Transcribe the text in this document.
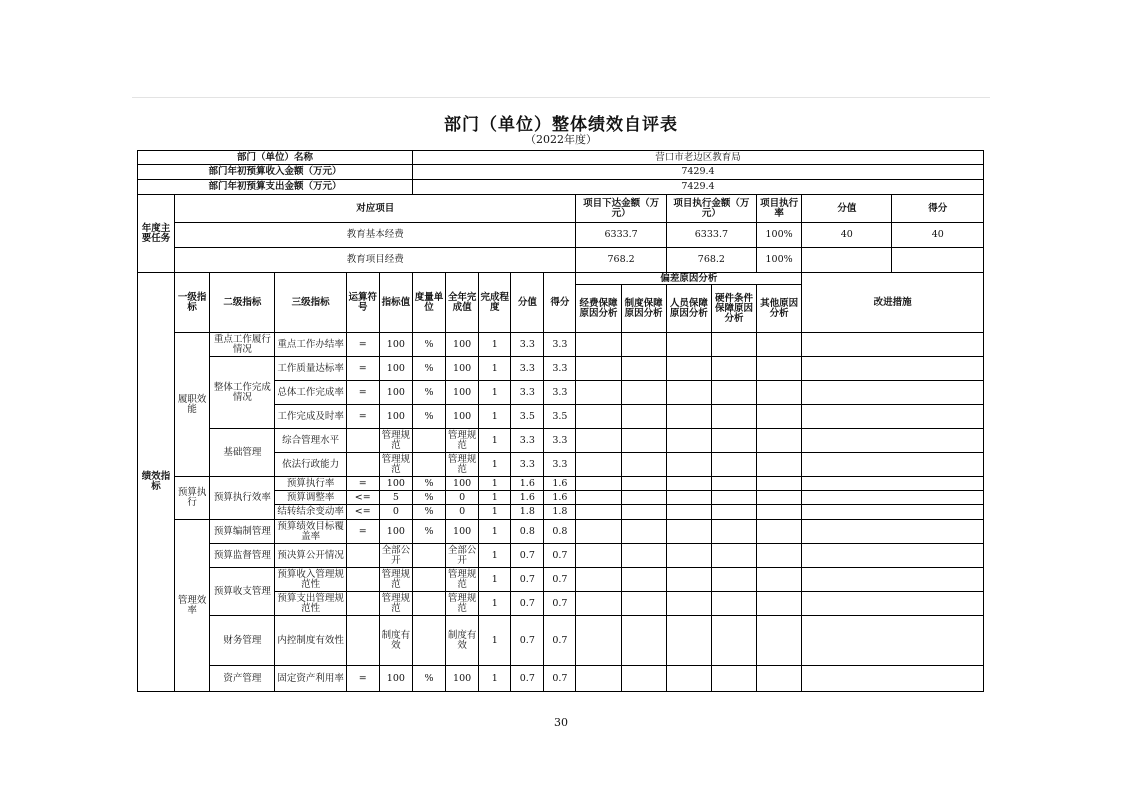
部门（单位）整体绩效自评表
（2022年度）
部门（单位）名称						营口市老边区教育局											
部门年初预算收入金额（万元）						7429.4											
部门年初预算支出金额（万元）						7429.4											
年度主要任务	对应项目										项目下达金额（万元）		项目执行金额（万元）		项目执行率	分值	得分
	教育基本经费										6333.7		6333.7		100%	40	40
	教育项目经费										768.2		768.2		100%		
绩效指标	一级指标	二级指标	三级指标	运算符号	指标值	度量单位	全年完成值	完成程度	分值	得分	偏差原因分析					改进措施	
											经费保障原因分析	制度保障原因分析	人员保障原因分析	硬件条件保障原因分析	其他原因分析		
	履职效能	重点工作履行情况	重点工作办结率	=	100	%	100	1	3.3	3.3							
		整体工作完成情况	工作质量达标率	=	100	%	100	1	3.3	3.3							
			总体工作完成率	=	100	%	100	1	3.3	3.3							
			工作完成及时率	=	100	%	100	1	3.5	3.5							
		基础管理	综合管理水平		管理规范		管理规范	1	3.3	3.3							
			依法行政能力		管理规范		管理规范	1	3.3	3.3							
	预算执行	预算执行效率	预算执行率	=	100	%	100	1	1.6	1.6							
			预算调整率	<=	5	%	0	1	1.6	1.6							
			结转结余变动率	<=	0	%	0	1	1.8	1.8							
	管理效率	预算编制管理	预算绩效目标覆盖率	=	100	%	100	1	0.8	0.8							
		预算监督管理	预决算公开情况		全部公开		全部公开	1	0.7	0.7							
		预算收支管理	预算收入管理规范性		管理规范		管理规范	1	0.7	0.7							
			预算支出管理规范性		管理规范		管理规范	1	0.7	0.7							
		财务管理	内控制度有效性		制度有效		制度有效	1	0.7	0.7							
		资产管理	固定资产利用率	=	100	%	100	1	0.7	0.7							
30
